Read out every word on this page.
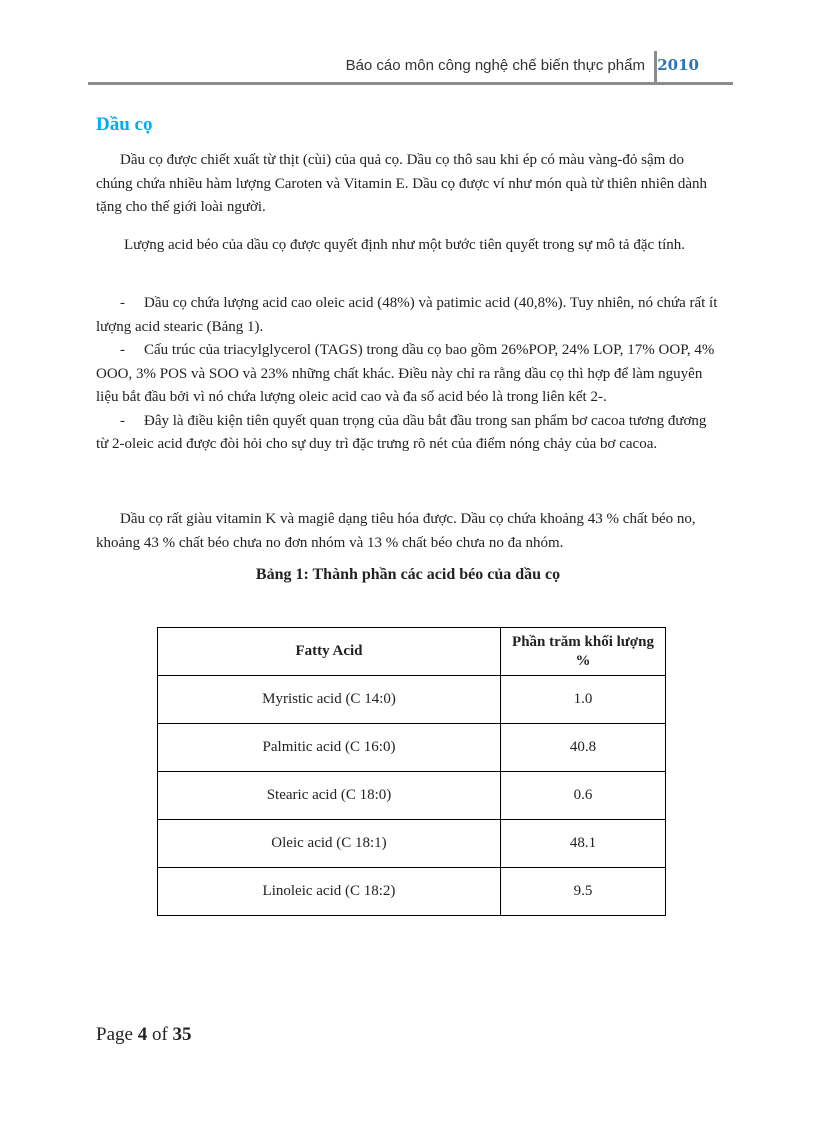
Báo cáo môn công nghệ chế biến thực phẩm 2010
Dầu cọ

Dầu cọ được chiết xuất từ thịt (cùi) của quả cọ. Dầu cọ thô sau khi ép có màu vàng-đỏ sậm do chúng chứa nhiều hàm lượng Caroten và Vitamin E. Dầu cọ được ví như món quà từ thiên nhiên dành tặng cho thế giới loài người.

Lượng acid béo của dầu cọ được quyết định như một bước tiên quyết trong sự mô tả đặc tính.

- Dầu cọ chứa lượng acid cao oleic acid (48%) và patimic acid (40,8%). Tuy nhiên, nó chứa rất ít lượng acid stearic (Bảng 1).
- Cấu trúc của triacylglycerol (TAGS) trong dầu cọ bao gồm 26%POP, 24% LOP, 17% OOP, 4% OOO, 3% POS và SOO và 23% những chất khác. Điều này chỉ ra rằng dầu cọ thì hợp để làm nguyên liệu bắt đầu bởi vì nó chứa lượng oleic acid cao và đa số acid béo là trong liên kết 2-.
- Đây là điều kiện tiên quyết quan trọng của dầu bắt đầu trong san phẩm bơ cacoa tương đương từ 2-oleic acid được đòi hỏi cho sự duy trì đặc trưng rõ nét của điểm nóng chảy của bơ cacoa.

Dầu cọ rất giàu vitamin K và magiê dạng tiêu hóa được. Dầu cọ chứa khoảng 43 % chất béo no, khoảng 43 % chất béo chưa no đơn nhóm và 13 % chất béo chưa no đa nhóm.

Bảng 1: Thành phần các acid béo của dầu cọ

Fatty Acid	Phần trăm khối lượng %
Myristic acid (C 14:0)	1.0
Palmitic acid (C 16:0)	40.8
Stearic acid (C 18:0)	0.6
Oleic acid (C 18:1)	48.1
Linoleic acid (C 18:2)	9.5
Page 4 of 35
